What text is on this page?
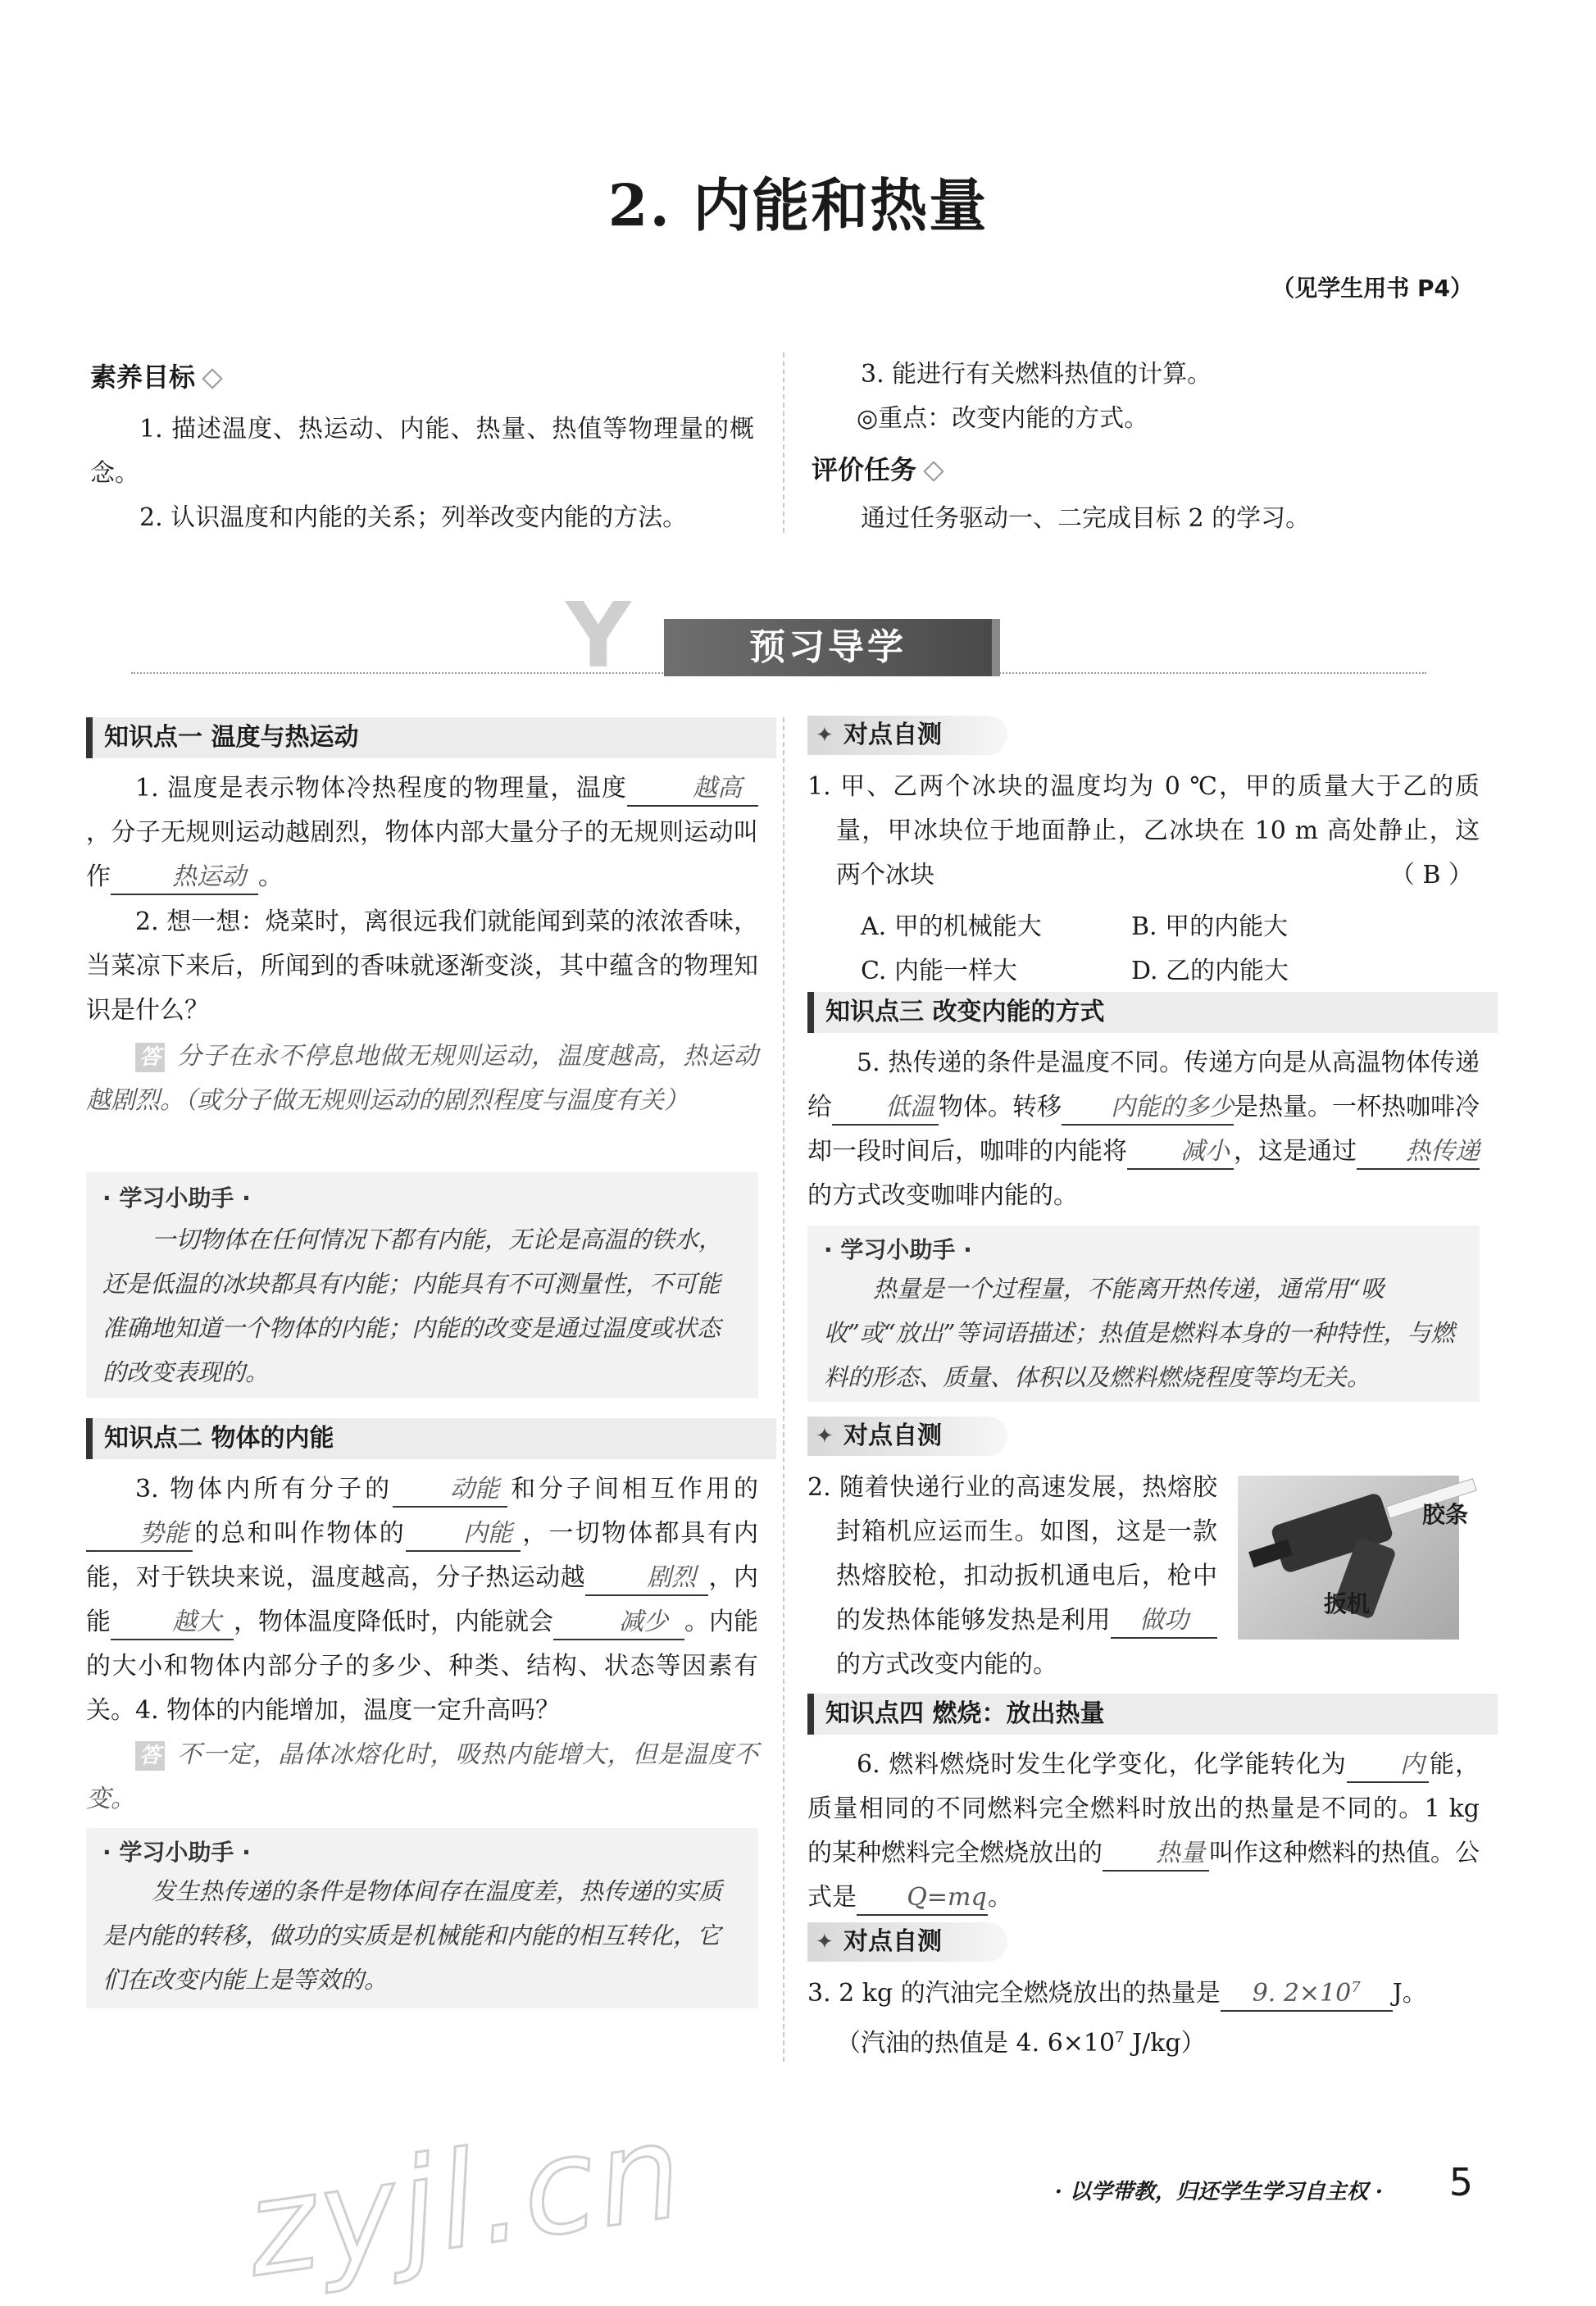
2. 内能和热量
（见学生用书 P4）
素养目标
1. 描述温度、热运动、内能、热量、热值等物理量的概念。
2. 认识温度和内能的关系；列举改变内能的方法。
3. 能进行有关燃料热值的计算。
◎重点：改变内能的方式。
评价任务
通过任务驱动一、二完成目标 2 的学习。
Y	预习导学
知识点一 温度与热运动
1. 温度是表示物体冷热程度的物理量，温度	越高，分子无规则运动越剧烈，物体内部大量分子的无规则运动叫作	热运动 。
2. 想一想：烧菜时，离很远我们就能闻到菜的浓浓香味，当菜凉下来后，所闻到的香味就逐渐变淡，其中蕴含的物理知识是什么？
答 分子在永不停息地做无规则运动，温度越高，热运动越剧烈。（或分子做无规则运动的剧烈程度与温度有关）
· 学习小助手 ·
一切物体在任何情况下都有内能，无论是高温的铁水，还是低温的冰块都具有内能；内能具有不可测量性，不可能准确地知道一个物体的内能；内能的改变是通过温度或状态的改变表现的。
知识点二 物体的内能
3. 物体内所有分子的 动能 和分子间相互作用的势能 的总和叫作物体的 内能 ，一切物体都具有内能，对于铁块来说，温度越高，分子热运动越	剧烈 ，内能	越大 ，物体温度降低时，内能就会	减少 。内能的大小和物体内部分子的多少、种类、结构、状态等因素有关。 4. 物体的内能增加，温度一定升高吗？
答 不一定，晶体冰熔化时，吸热内能增大，但是温度不变。
· 学习小助手 ·
发生热传递的条件是物体间存在温度差，热传递的实质是内能的转移，做功的实质是机械能和内能的相互转化，它们在改变内能上是等效的。
✦ 对点自测
1. 甲、乙两个冰块的温度均为 0 ℃，甲的质量大于乙的质量，甲冰块位于地面静止，乙冰块在 10 m 高处静止，这两个冰块	（ B ）
A. 甲的机械能大	B. 甲的内能大
C. 内能一样大	D. 乙的内能大
知识点三 改变内能的方式
5. 热传递的条件是温度不同。传递方向是从高温物体传递给 低温 物体。转移 内能的多少是热量。一杯热咖啡冷却一段时间后，咖啡的内能将 减小 ，这是通过 热传递的方式改变咖啡内能的。
· 学习小助手 ·
热量是一个过程量，不能离开热传递，通常用“吸收”或“放出”等词语描述；热值是燃料本身的一种特性，与燃料的形态、质量、体积以及燃料燃烧程度等均无关。
✦ 对点自测
2. 随着快递行业的高速发展，热熔胶封箱机应运而生。如图，这是一款热熔胶枪，扣动扳机通电后，枪中的发热体能够发热是利用 做功的方式改变内能的。
胶条
扳机
知识点四 燃烧：放出热量
6. 燃料燃烧时发生化学变化，化学能转化为 内 能，质量相同的不同燃料完全燃料时放出的热量是不同的。1 kg 的某种燃料完全燃烧放出的 热量 叫作这种燃料的热值。公式是 Q=mq。
✦ 对点自测
3. 2 kg 的汽油完全燃烧放出的热量是 9. $2\times 10^7$ J。
（汽油的热值是 4. $6\times 10^7$ J/kg）
zyjl.cn	· 以学带教，归还学生学习自主权 · 5
